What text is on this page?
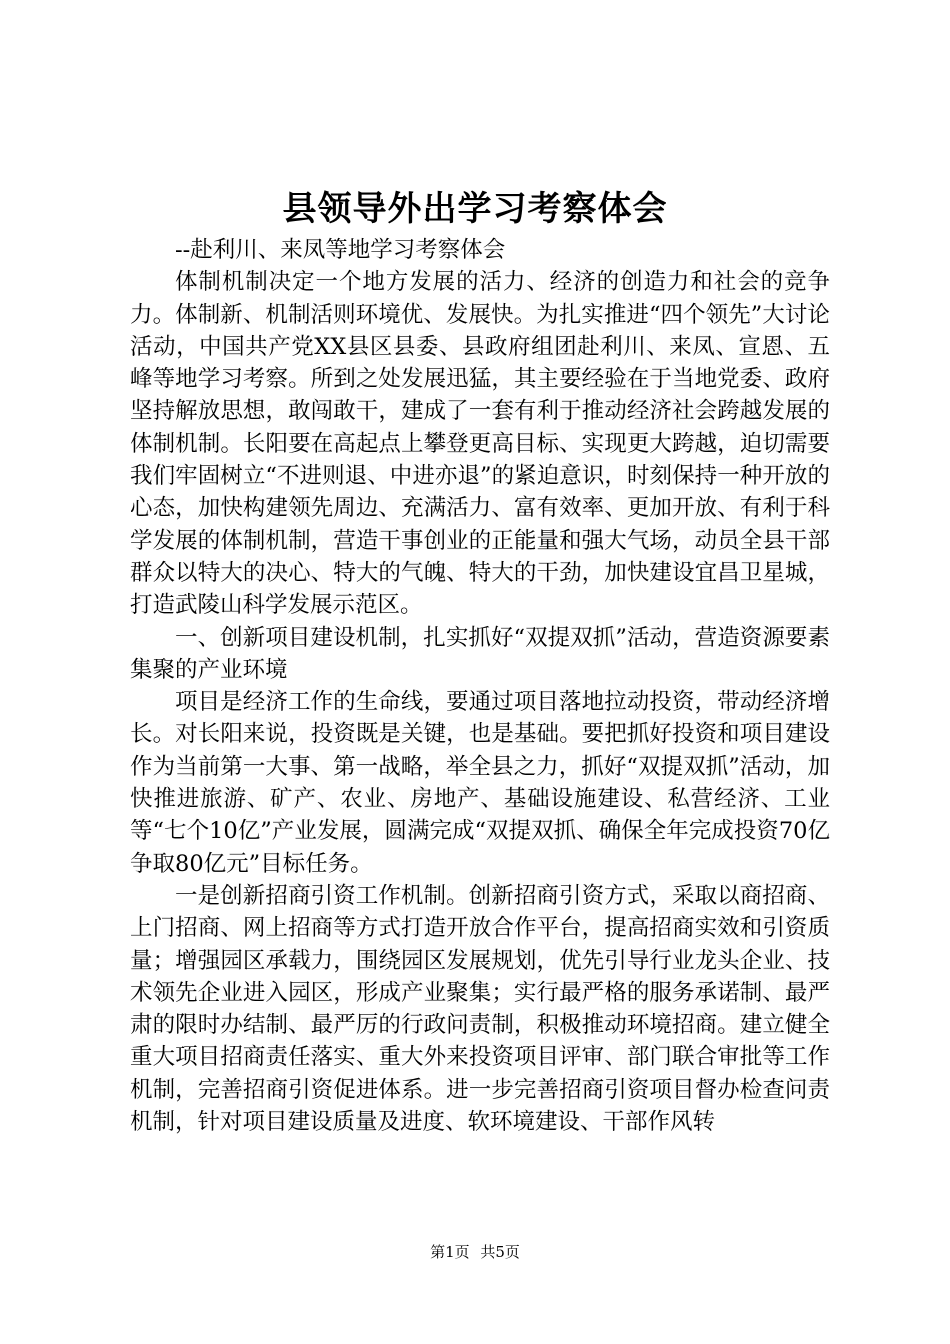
县领导外出学习考察体会

--赴利川、来凤等地学习考察体会

体制机制决定一个地方发展的活力、经济的创造力和社会的竞争力。体制新、机制活则环境优、发展快。为扎实推进“四个领先”大讨论活动，中国共产党XX县区县委、县政府组团赴利川、来凤、宣恩、五峰等地学习考察。所到之处发展迅猛，其主要经验在于当地党委、政府坚持解放思想，敢闯敢干，建成了一套有利于推动经济社会跨越发展的体制机制。长阳要在高起点上攀登更高目标、实现更大跨越，迫切需要我们牢固树立“不进则退、中进亦退”的紧迫意识，时刻保持一种开放的心态，加快构建领先周边、充满活力、富有效率、更加开放、有利于科学发展的体制机制，营造干事创业的正能量和强大气场，动员全县干部群众以特大的决心、特大的气魄、特大的干劲，加快建设宜昌卫星城，打造武陵山科学发展示范区。

一、创新项目建设机制，扎实抓好“双提双抓”活动，营造资源要素集聚的产业环境

项目是经济工作的生命线，要通过项目落地拉动投资，带动经济增长。对长阳来说，投资既是关键，也是基础。要把抓好投资和项目建设作为当前第一大事、第一战略，举全县之力，抓好“双提双抓”活动，加快推进旅游、矿产、农业、房地产、基础设施建设、私营经济、工业等“七个10亿”产业发展，圆满完成“双提双抓、确保全年完成投资70亿争取80亿元”目标任务。

一是创新招商引资工作机制。创新招商引资方式，采取以商招商、上门招商、网上招商等方式打造开放合作平台，提高招商实效和引资质量；增强园区承载力，围绕园区发展规划，优先引导行业龙头企业、技术领先企业进入园区，形成产业聚集；实行最严格的服务承诺制、最严肃的限时办结制、最严厉的行政问责制，积极推动环境招商。建立健全重大项目招商责任落实、重大外来投资项目评审、部门联合审批等工作机制，完善招商引资促进体系。进一步完善招商引资项目督办检查问责机制，针对项目建设质量及进度、软环境建设、干部作风转

第1页 共5页
